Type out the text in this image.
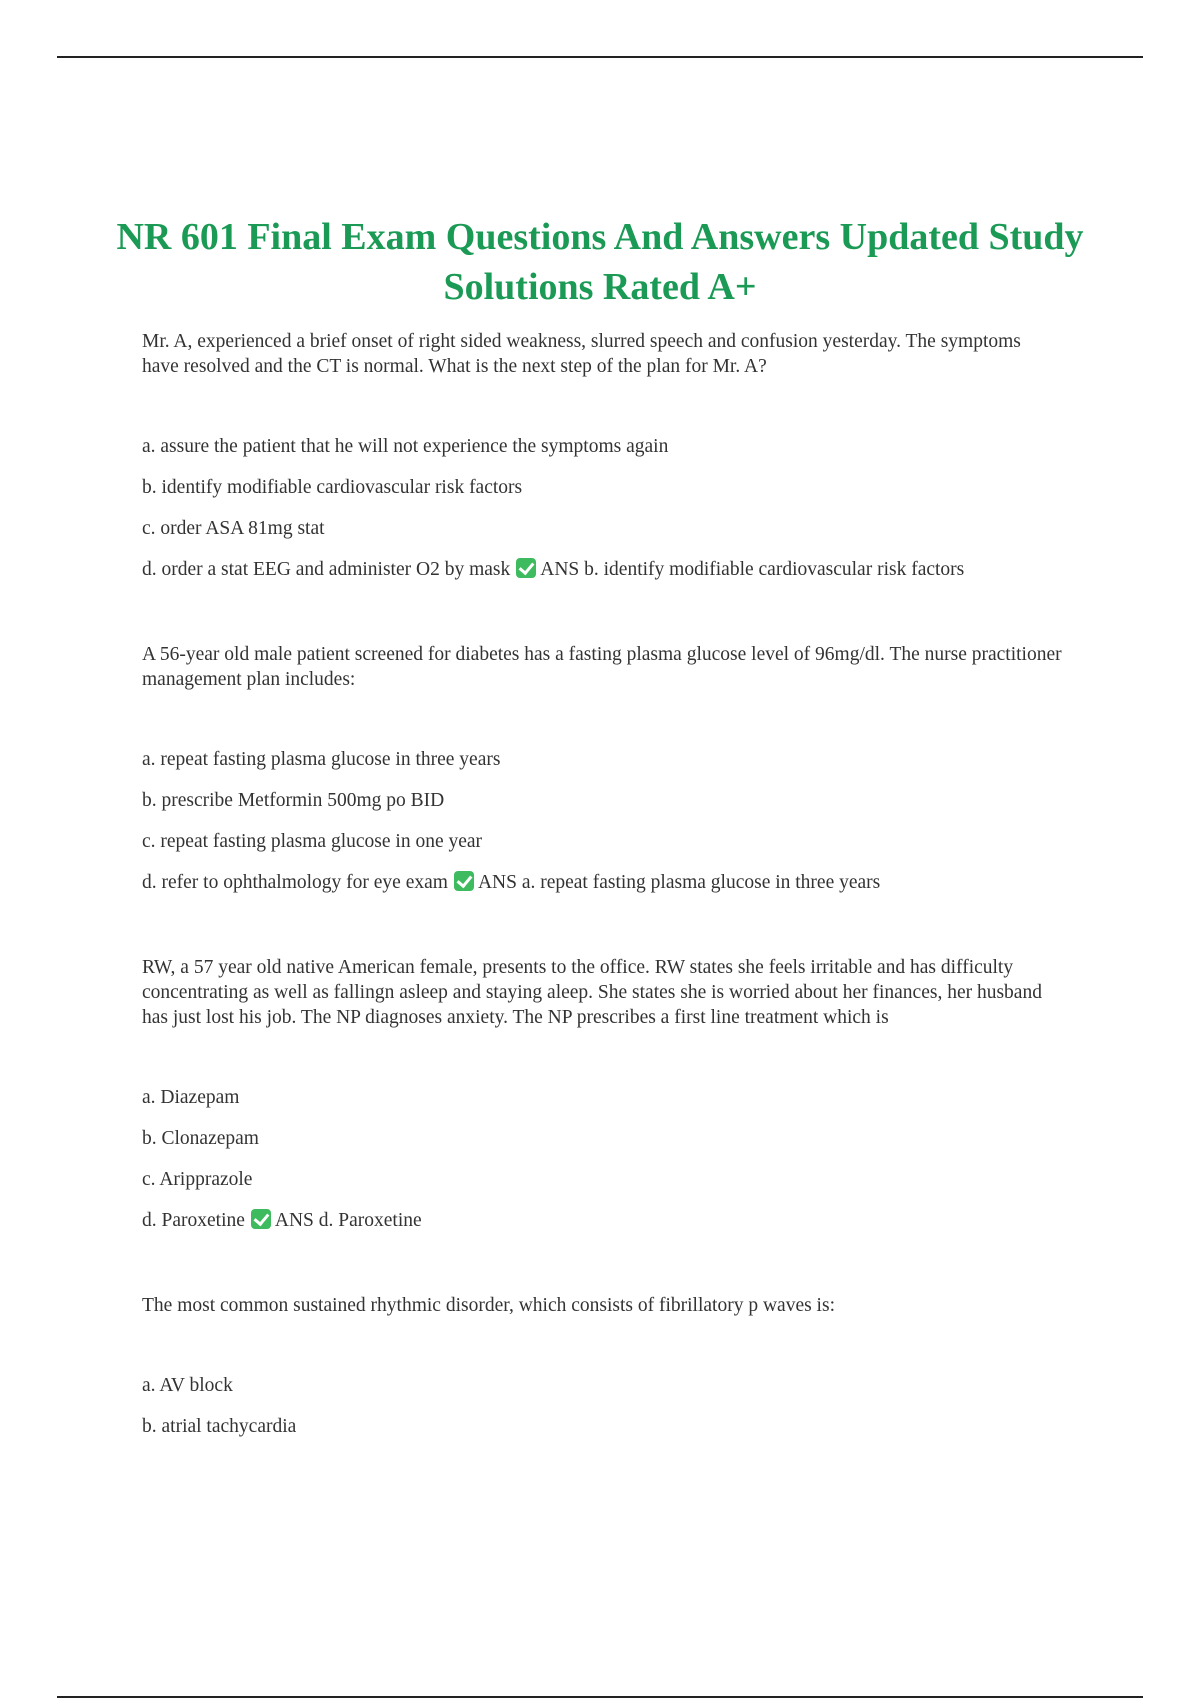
NR 601 Final Exam Questions And Answers Updated Study Solutions Rated A+

Mr. A, experienced a brief onset of right sided weakness, slurred speech and confusion yesterday. The symptoms have resolved and the CT is normal. What is the next step of the plan for Mr. A?

a. assure the patient that he will not experience the symptoms again

b. identify modifiable cardiovascular risk factors

c. order ASA 81mg stat

d. order a stat EEG and administer O2 by mask ANS b. identify modifiable cardiovascular risk factors

A 56-year old male patient screened for diabetes has a fasting plasma glucose level of 96mg/dl. The nurse practitioner management plan includes:

a. repeat fasting plasma glucose in three years

b. prescribe Metformin 500mg po BID

c. repeat fasting plasma glucose in one year

d. refer to ophthalmology for eye exam ANS a. repeat fasting plasma glucose in three years

RW, a 57 year old native American female, presents to the office. RW states she feels irritable and has difficulty concentrating as well as fallingn asleep and staying aleep. She states she is worried about her finances, her husband has just lost his job. The NP diagnoses anxiety. The NP prescribes a first line treatment which is

a. Diazepam

b. Clonazepam

c. Aripprazole

d. Paroxetine ANS d. Paroxetine

The most common sustained rhythmic disorder, which consists of fibrillatory p waves is:

a. AV block

b. atrial tachycardia
